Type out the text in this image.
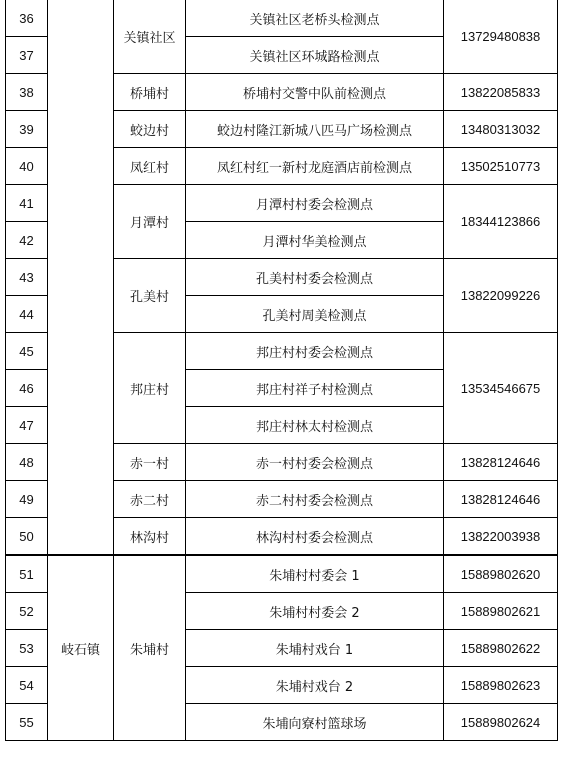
36		关镇社区	关镇社区老桥头检测点	13729480838
37			关镇社区环城路检测点	
38		桥埔村	桥埔村交警中队前检测点	13822085833
39		蛟边村	蛟边村隆江新城八匹马广场检测点	13480313032
40		凤红村	凤红村红一新村龙庭酒店前检测点	13502510773
41		月潭村	月潭村村委会检测点	18344123866
42			月潭村华美检测点	
43		孔美村	孔美村村委会检测点	13822099226
44			孔美村周美检测点	
45		邦庄村	邦庄村村委会检测点	13534546675
46			邦庄村祥子村检测点	
47			邦庄村林太村检测点	
48		赤一村	赤一村村委会检测点	13828124646
49		赤二村	赤二村村委会检测点	13828124646
50		林沟村	林沟村村委会检测点	13822003938
51	岐石镇	朱埔村	朱埔村村委会 1	15889802620
52			朱埔村村委会 2	15889802621
53			朱埔村戏台 1	15889802622
54			朱埔村戏台 2	15889802623
55			朱埔向寮村篮球场	15889802624
